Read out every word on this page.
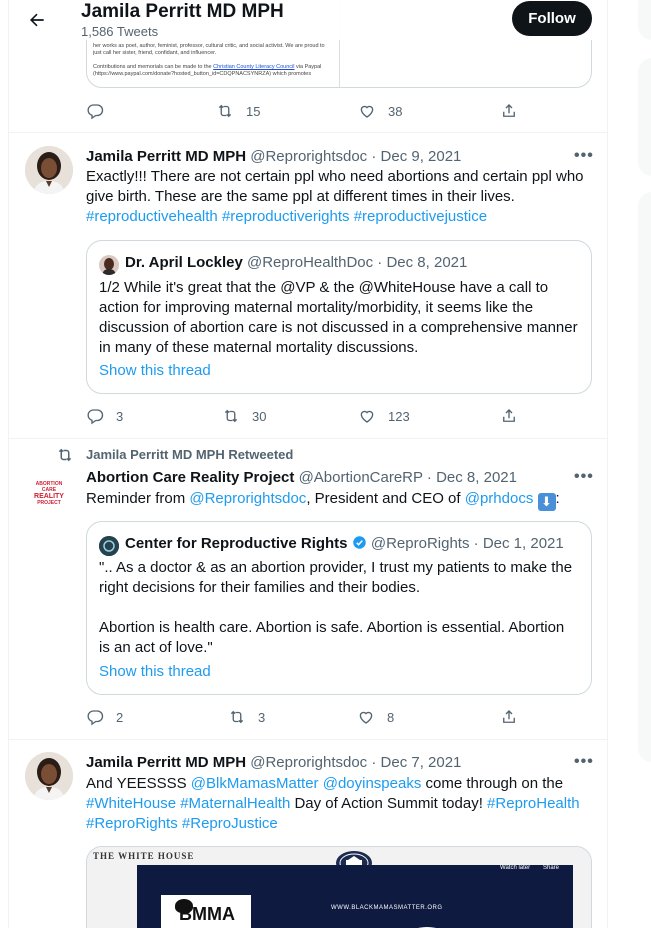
her works as poet, author, feminist, professor, cultural critic, and social activist. We are proud to
just call her sister, friend, confidant, and influencer.
Contributions and memorials can be made to the Christian County Literacy Council via Paypal
(https://www.paypal.com/donate?hosted_button_id=CDQPNACSYNRZA) which promotes
Jamila Perritt MD MPH
1,586 Tweets
Follow
15	38
Jamila Perritt MD MPH @Reprorightsdoc · Dec 9, 2021	•••
Exactly!!! There are not certain ppl who need abortions and certain ppl who
give birth. These are the same ppl at different times in their lives.
#reproductivehealth #reproductiverights #reproductivejustice
Dr. April Lockley @ReproHealthDoc · Dec 8, 2021
1/2 While it's great that the @VP & the @WhiteHouse have a call to
action for improving maternal mortality/morbidity, it seems like the
discussion of abortion care is not discussed in a comprehensive manner
in many of these maternal mortality discussions.
Show this thread
3	30	123
Jamila Perritt MD MPH Retweeted
ABORTION CARE
REALITY
PROJECT
Abortion Care Reality Project @AbortionCareRP · Dec 8, 2021	•••
Reminder from @Reprorightsdoc, President and CEO of @prhdocs ⬇ :
Center for Reproductive Rights @ReproRights · Dec 1, 2021
".. As a doctor & as an abortion provider, I trust my patients to make the
right decisions for their families and their bodies.
Abortion is health care. Abortion is safe. Abortion is essential. Abortion
is an act of love."
Show this thread
2	3	8
Jamila Perritt MD MPH @Reprorightsdoc · Dec 7, 2021	•••
And YEESSSS @BlkMamasMatter @doyinspeaks come through on the
#WhiteHouse #MaternalHealth Day of Action Summit today! #ReproHealth
#ReproRights #ReproJustice
THE WHITE HOUSE
Watch later Share
WWW.BLACKMAMASMATTER.ORG
BMMA
